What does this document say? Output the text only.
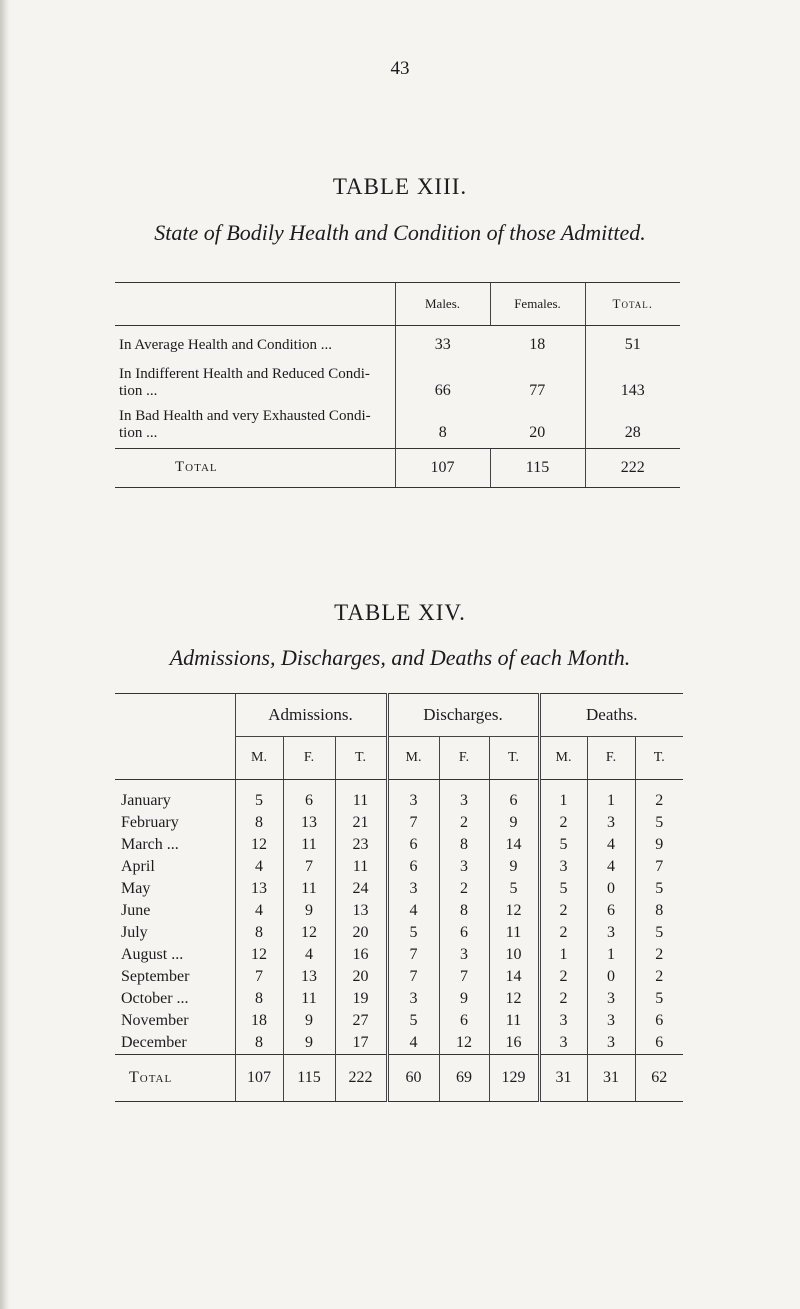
43
TABLE XIII.
State of Bodily Health and Condition of those Admitted.
	Males.	Females.	Total.
In Average Health and Condition ...	33	18	51
In Indifferent Health and Reduced Condi-
tion ...	66	77	143
In Bad Health and very Exhausted Condi-
tion ...	8	20	28
Total	107	115	222
TABLE XIV.
Admissions, Discharges, and Deaths of each Month.
	Admissions.			Discharges.			Deaths.		
	M.	F.	T.	M.	F.	T.	M.	F.	T.
January	5	6	11	3	3	6	1	1	2
February	8	13	21	7	2	9	2	3	5
March ...	12	11	23	6	8	14	5	4	9
April	4	7	11	6	3	9	3	4	7
May	13	11	24	3	2	5	5	0	5
June	4	9	13	4	8	12	2	6	8
July	8	12	20	5	6	11	2	3	5
August ...	12	4	16	7	3	10	1	1	2
September	7	13	20	7	7	14	2	0	2
October ...	8	11	19	3	9	12	2	3	5
November	18	9	27	5	6	11	3	3	6
December	8	9	17	4	12	16	3	3	6
Total	107	115	222	60	69	129	31	31	62
